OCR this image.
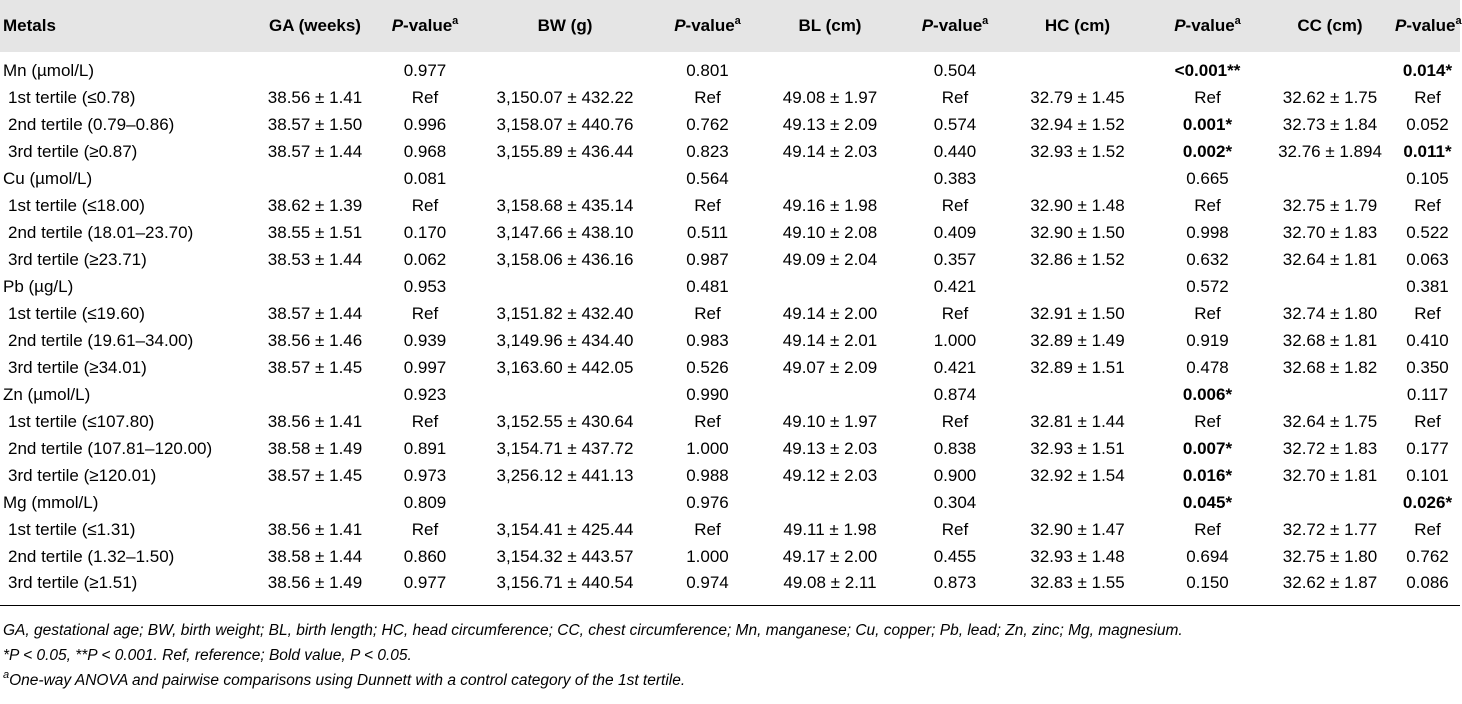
Metals	GA (weeks)	P-value$^a$	BW (g)	P-value$^a$	BL (cm)	P-value$^a$	HC (cm)	P-value$^a$	CC (cm)	P-value$^a$
Mn (µmol/L)		0.977		0.801		0.504		<0.001**		0.014*
1st tertile (≤0.78)	38.56 ± 1.41	Ref	3,150.07 ± 432.22	Ref	49.08 ± 1.97	Ref	32.79 ± 1.45	Ref	32.62 ± 1.75	Ref
2nd tertile (0.79–0.86)	38.57 ± 1.50	0.996	3,158.07 ± 440.76	0.762	49.13 ± 2.09	0.574	32.94 ± 1.52	0.001*	32.73 ± 1.84	0.052
3rd tertile (≥0.87)	38.57 ± 1.44	0.968	3,155.89 ± 436.44	0.823	49.14 ± 2.03	0.440	32.93 ± 1.52	0.002*	32.76 ± 1.894	0.011*
Cu (µmol/L)		0.081		0.564		0.383		0.665		0.105
1st tertile (≤18.00)	38.62 ± 1.39	Ref	3,158.68 ± 435.14	Ref	49.16 ± 1.98	Ref	32.90 ± 1.48	Ref	32.75 ± 1.79	Ref
2nd tertile (18.01–23.70)	38.55 ± 1.51	0.170	3,147.66 ± 438.10	0.511	49.10 ± 2.08	0.409	32.90 ± 1.50	0.998	32.70 ± 1.83	0.522
3rd tertile (≥23.71)	38.53 ± 1.44	0.062	3,158.06 ± 436.16	0.987	49.09 ± 2.04	0.357	32.86 ± 1.52	0.632	32.64 ± 1.81	0.063
Pb (µg/L)		0.953		0.481		0.421		0.572		0.381
1st tertile (≤19.60)	38.57 ± 1.44	Ref	3,151.82 ± 432.40	Ref	49.14 ± 2.00	Ref	32.91 ± 1.50	Ref	32.74 ± 1.80	Ref
2nd tertile (19.61–34.00)	38.56 ± 1.46	0.939	3,149.96 ± 434.40	0.983	49.14 ± 2.01	1.000	32.89 ± 1.49	0.919	32.68 ± 1.81	0.410
3rd tertile (≥34.01)	38.57 ± 1.45	0.997	3,163.60 ± 442.05	0.526	49.07 ± 2.09	0.421	32.89 ± 1.51	0.478	32.68 ± 1.82	0.350
Zn (µmol/L)		0.923		0.990		0.874		0.006*		0.117
1st tertile (≤107.80)	38.56 ± 1.41	Ref	3,152.55 ± 430.64	Ref	49.10 ± 1.97	Ref	32.81 ± 1.44	Ref	32.64 ± 1.75	Ref
2nd tertile (107.81–120.00)	38.58 ± 1.49	0.891	3,154.71 ± 437.72	1.000	49.13 ± 2.03	0.838	32.93 ± 1.51	0.007*	32.72 ± 1.83	0.177
3rd tertile (≥120.01)	38.57 ± 1.45	0.973	3,256.12 ± 441.13	0.988	49.12 ± 2.03	0.900	32.92 ± 1.54	0.016*	32.70 ± 1.81	0.101
Mg (mmol/L)		0.809		0.976		0.304		0.045*		0.026*
1st tertile (≤1.31)	38.56 ± 1.41	Ref	3,154.41 ± 425.44	Ref	49.11 ± 1.98	Ref	32.90 ± 1.47	Ref	32.72 ± 1.77	Ref
2nd tertile (1.32–1.50)	38.58 ± 1.44	0.860	3,154.32 ± 443.57	1.000	49.17 ± 2.00	0.455	32.93 ± 1.48	0.694	32.75 ± 1.80	0.762
3rd tertile (≥1.51)	38.56 ± 1.49	0.977	3,156.71 ± 440.54	0.974	49.08 ± 2.11	0.873	32.83 ± 1.55	0.150	32.62 ± 1.87	0.086
GA, gestational age; BW, birth weight; BL, birth length; HC, head circumference; CC, chest circumference; Mn, manganese; Cu, copper; Pb, lead; Zn, zinc; Mg, magnesium.
*P < 0.05, **P < 0.001. Ref, reference; Bold value, P < 0.05.
$^a$One-way ANOVA and pairwise comparisons using Dunnett with a control category of the 1st tertile.
